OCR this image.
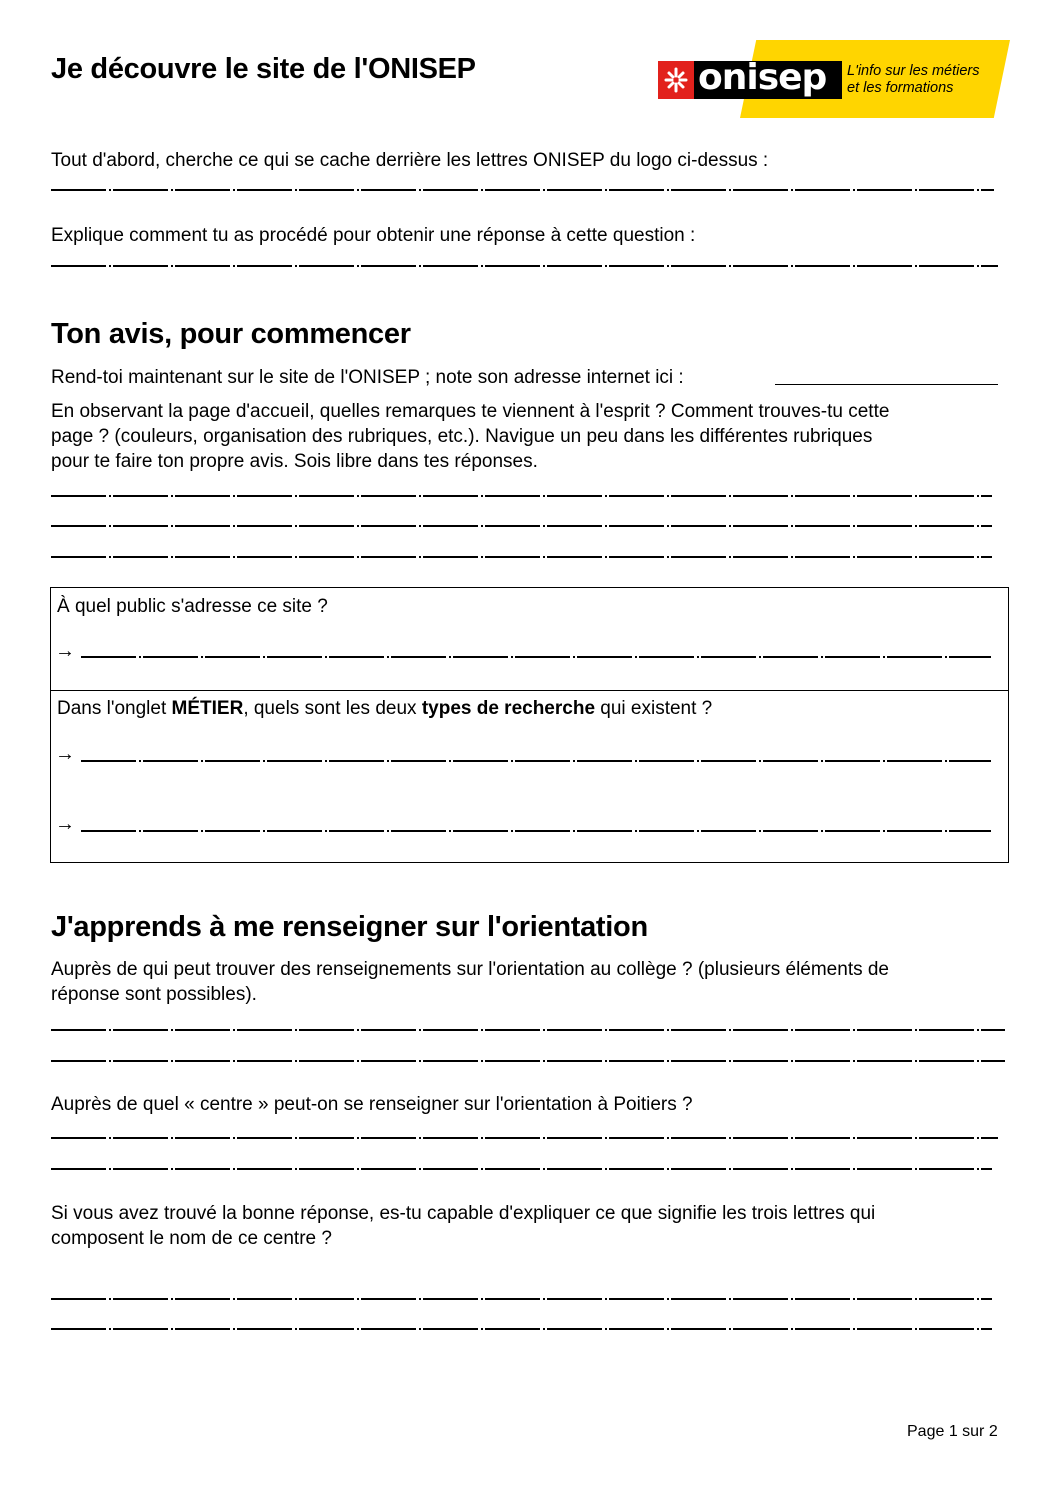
Je découvre le site de l'ONISEP	onisep L'info sur les métiers
et les formations
Tout d'abord, cherche ce qui se cache derrière les lettres ONISEP du logo ci-dessus :
Explique comment tu as procédé pour obtenir une réponse à cette question :
Ton avis, pour commencer
Rend-toi maintenant sur le site de l'ONISEP ; note son adresse internet ici :
En observant la page d'accueil, quelles remarques te viennent à l'esprit ? Comment trouves-tu cette
page ? (couleurs, organisation des rubriques, etc.). Navigue un peu dans les différentes rubriques
pour te faire ton propre avis. Sois libre dans tes réponses.
À quel public s'adresse ce site ?
→
Dans l'onglet MÉTIER, quels sont les deux types de recherche qui existent ?
→
→
J'apprends à me renseigner sur l'orientation
Auprès de qui peut trouver des renseignements sur l'orientation au collège ? (plusieurs éléments de
réponse sont possibles).
Auprès de quel « centre » peut-on se renseigner sur l'orientation à Poitiers ?
Si vous avez trouvé la bonne réponse, es-tu capable d'expliquer ce que signifie les trois lettres qui
composent le nom de ce centre ?
Page 1 sur 2
